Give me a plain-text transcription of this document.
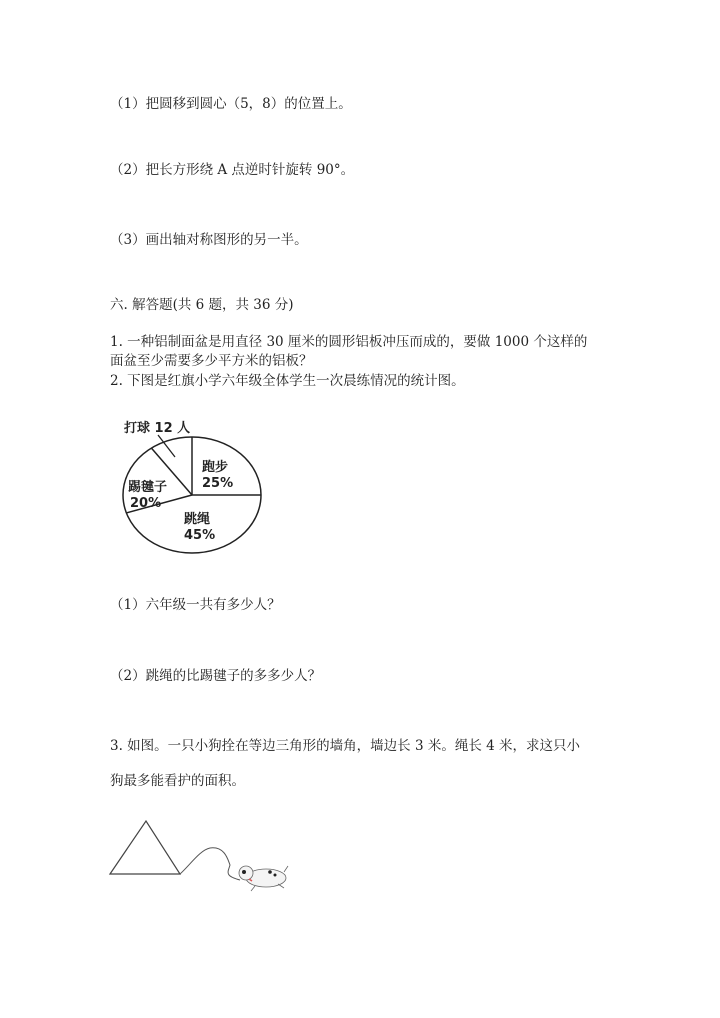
（1）把圆移到圆心（5，8）的位置上。
（2）把长方形绕 A 点逆时针旋转 90°。
（3）画出轴对称图形的另一半。
六. 解答题(共 6 题，共 36 分)
1. 一种铝制面盆是用直径 30 厘米的圆形铝板冲压而成的，要做 1000 个这样的
面盆至少需要多少平方米的铝板？
2. 下图是红旗小学六年级全体学生一次晨练情况的统计图。
打球 12 人
跑步
25%
跳绳
45%
踢毽子
20%
（1）六年级一共有多少人？
（2）跳绳的比踢毽子的多多少人？
3. 如图。一只小狗拴在等边三角形的墙角，墙边长 3 米。绳长 4 米，求这只小
狗最多能看护的面积。
